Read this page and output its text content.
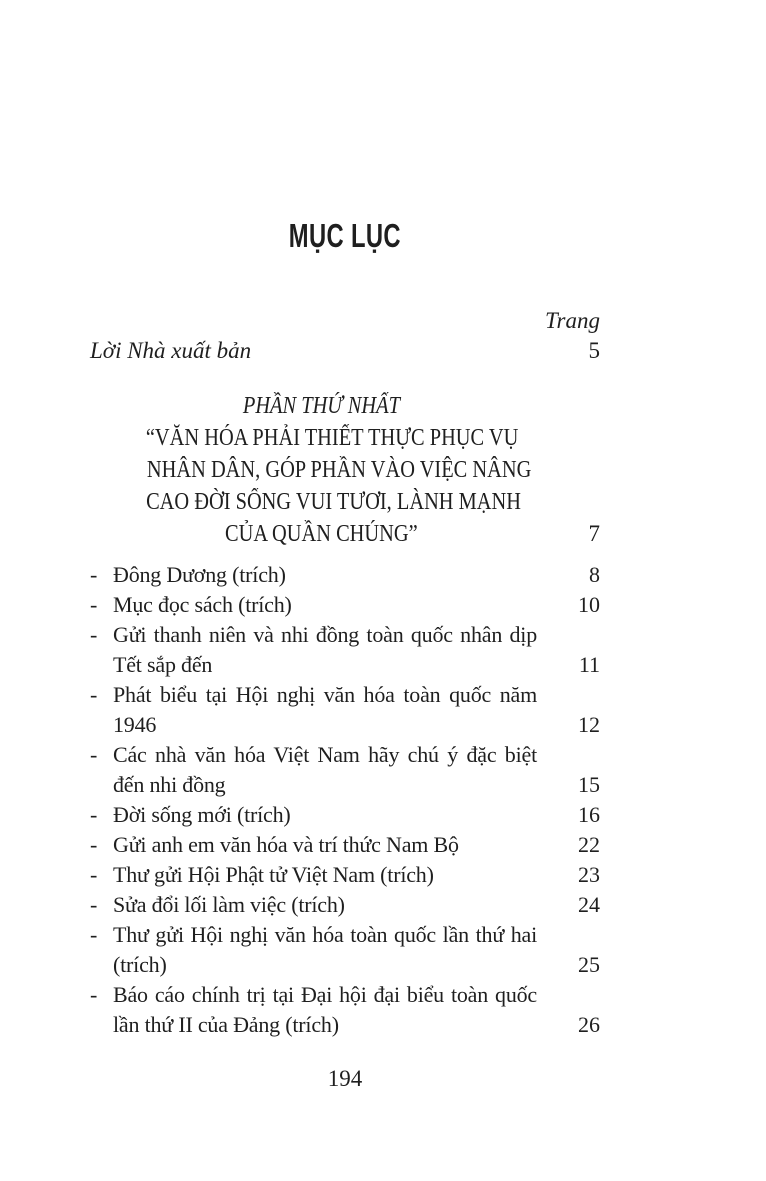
MỤC LỤC
Trang
Lời Nhà xuất bản	5
PHẦN THỨ NHẤT
“VĂN HÓA PHẢI THIẾT THỰC PHỤC VỤ
NHÂN DÂN, GÓP PHẦN VÀO VIỆC NÂNG
CAO ĐỜI SỐNG VUI TƯƠI, LÀNH MẠNH
CỦA QUẦN CHÚNG”	7
- Đông Dương (trích)	8
- Mục đọc sách (trích)	10
- Gửi thanh niên và nhi đồng toàn quốc nhân dịp Tết sắp đến	11
- Phát biểu tại Hội nghị văn hóa toàn quốc năm 1946	12
- Các nhà văn hóa Việt Nam hãy chú ý đặc biệt đến nhi đồng	15
- Đời sống mới (trích)	16
- Gửi anh em văn hóa và trí thức Nam Bộ	22
- Thư gửi Hội Phật tử Việt Nam (trích)	23
- Sửa đổi lối làm việc (trích)	24
- Thư gửi Hội nghị văn hóa toàn quốc lần thứ hai (trích)	25
- Báo cáo chính trị tại Đại hội đại biểu toàn quốc lần thứ II của Đảng (trích)	26
194
